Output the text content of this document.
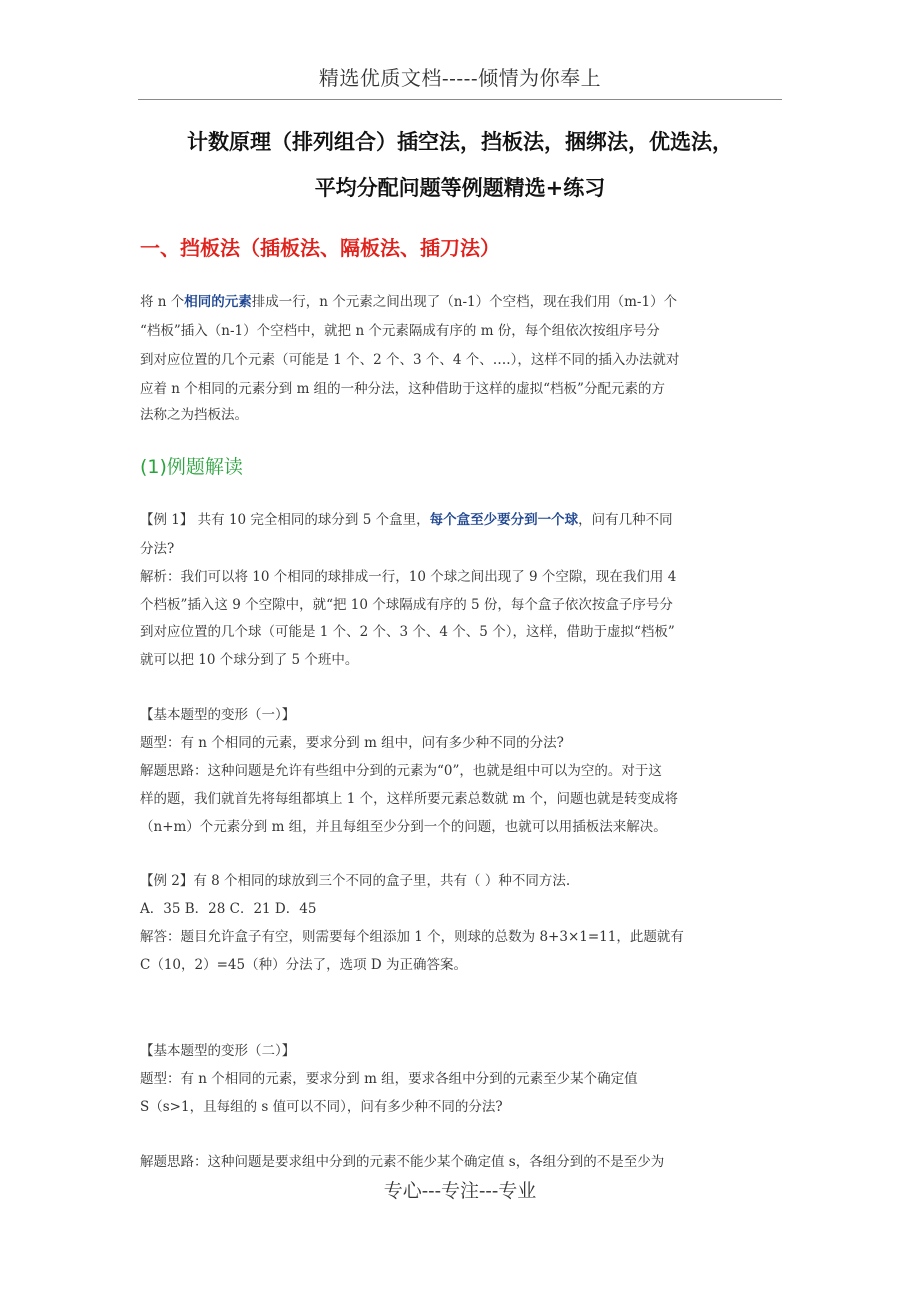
精选优质文档-----倾情为你奉上
计数原理（排列组合）插空法，挡板法，捆绑法，优选法，
平均分配问题等例题精选+练习
一、挡板法（插板法、隔板法、插刀法）
将 n 个相同的元素排成一行，n 个元素之间出现了（n-1）个空档，现在我们用（m-1）个
“档板”插入（n-1）个空档中，就把 n 个元素隔成有序的 m 份，每个组依次按组序号分
到对应位置的几个元素（可能是 1 个、2 个、3 个、4 个、….），这样不同的插入办法就对
应着 n 个相同的元素分到 m 组的一种分法，这种借助于这样的虚拟“档板”分配元素的方
法称之为挡板法。
(1)例题解读
【例 1】 共有 10 完全相同的球分到 5 个盒里，每个盒至少要分到一个球，问有几种不同
分法?
解析：我们可以将 10 个相同的球排成一行，10 个球之间出现了 9 个空隙，现在我们用 4
个档板”插入这 9 个空隙中，就“把 10 个球隔成有序的 5 份，每个盒子依次按盒子序号分
到对应位置的几个球（可能是 1 个、2 个、3 个、4 个、5 个），这样，借助于虚拟“档板”
就可以把 10 个球分到了 5 个班中。
【基本题型的变形（一）】
题型：有 n 个相同的元素，要求分到 m 组中，问有多少种不同的分法?
解题思路：这种问题是允许有些组中分到的元素为“0”，也就是组中可以为空的。对于这
样的题，我们就首先将每组都填上 1 个，这样所要元素总数就 m 个，问题也就是转变成将
（n+m）个元素分到 m 组，并且每组至少分到一个的问题，也就可以用插板法来解决。
【例 2】有 8 个相同的球放到三个不同的盒子里，共有（ ）种不同方法.
A．35 B．28 C．21 D．45
解答：题目允许盒子有空，则需要每个组添加 1 个，则球的总数为 8+3×1=11，此题就有
C（10，2）=45（种）分法了，选项 D 为正确答案。
【基本题型的变形（二）】
题型：有 n 个相同的元素，要求分到 m 组，要求各组中分到的元素至少某个确定值
S（s>1，且每组的 s 值可以不同），问有多少种不同的分法?
解题思路：这种问题是要求组中分到的元素不能少某个确定值 s，各组分到的不是至少为
专心---专注---专业
